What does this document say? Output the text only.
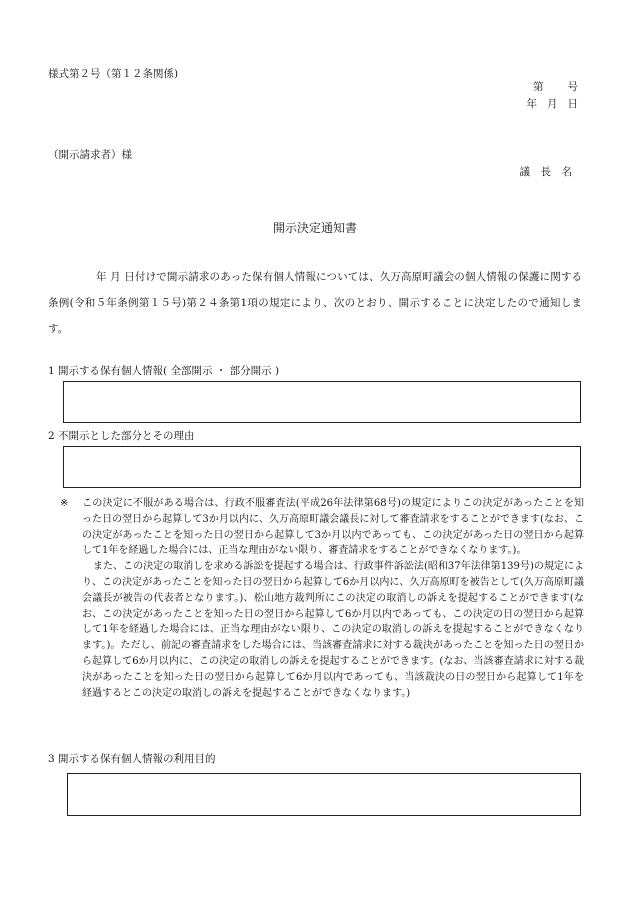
様式第２号（第１２条関係)
第 号
年 月 日
（開示請求者）様
議　長　名
開示決定通知書
年 月 日付けで開示請求のあった保有個人情報については、久万高原町議会の個人情報の保護に関する条例(令和５年条例第１５号)第２４条第1項の規定により、次のとおり、開示することに決定したので通知します。
1 開示する保有個人情報( 全部開示 ・ 部分開示 )
2 不開示とした部分とその理由

※ この決定に不服がある場合は、行政不服審査法(平成26年法律第68号)の規定によりこの決定があったことを知った日の翌日から起算して3か月以内に、久万高原町議会議長に対して審査請求をすることができます(なお、この決定があったことを知った日の翌日から起算して3か月以内であっても、この決定があった日の翌日から起算して1年を経過した場合には、正当な理由がない限り、審査請求をすることができなくなります。)。

また、この決定の取消しを求める訴訟を提起する場合は、行政事件訴訟法(昭和37年法律第139号)の規定により、この決定があったことを知った日の翌日から起算して6か月以内に、久万高原町を被告として(久万高原町議会議長が被告の代表者となります。)、松山地方裁判所にこの決定の取消しの訴えを提起することができます(なお、この決定があったことを知った日の翌日から起算して6か月以内であっても、この決定の日の翌日から起算して1年を経過した場合には、正当な理由がない限り、この決定の取消しの訴えを提起することができなくなります。)。ただし、前記の審査請求をした場合には、当該審査請求に対する裁決があったことを知った日の翌日から起算して6か月以内に、この決定の取消しの訴えを提起することができます。(なお、当該審査請求に対する裁決があったことを知った日の翌日から起算して6か月以内であっても、当該裁決の日の翌日から起算して1年を経過するとこの決定の取消しの訴えを提起することができなくなります。)

3 開示する保有個人情報の利用目的
